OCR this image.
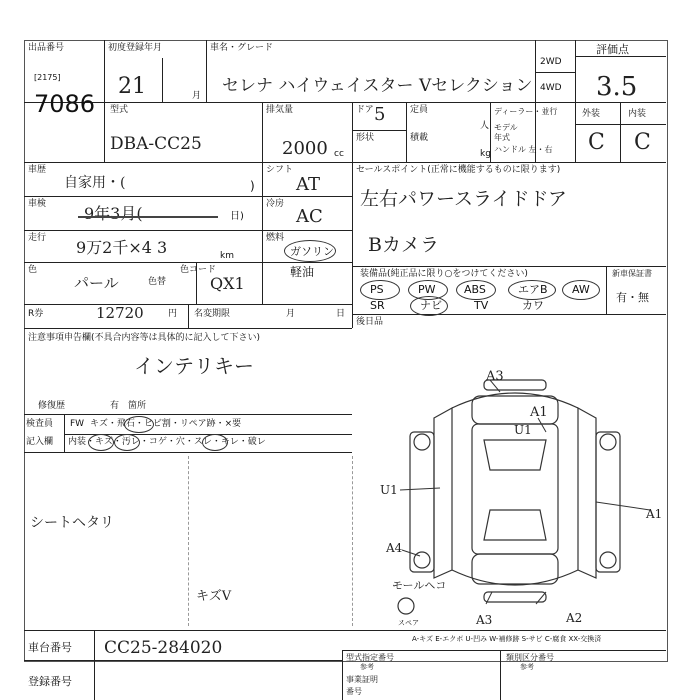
出品番号
[2175]
7086
初度登録年月
21	月
車名・グレード
セレナ ハイウェイスター Vセレクション
2WD
4WD
評価点
3.5
型式
DBA-CC25
排気量
2000 cc
ドア 5
形状
定員
人
積載
kg
ディーラー・並行
モデル
年式
ハンドル 左・右
外装	内装
C C
車歴
自家用・(	)
車検 9年3月(	日)
走行 9万2千×4 3	km
色
パール	色替
色コード
QX1
R券	12720	円 名変期限	月	日
シフト
AT
冷房
AC
燃料
ガソリン
軽油
セールスポイント(正常に機能するものに限ります)
左右パワースライドドア
Bカメラ
装備品(純正品に限り○をつけてください)	新車保証書
有・無
PS	PW	ABS	エアB AW
SR	ナビ	TV	カワ
後日品
注意事項申告欄(不具合内容等は具体的に記入して下さい)
インテリキー
修復歴	有 箇所
検査員
記入欄
FW キズ・飛石・ヒビ割・リペア跡・×要
内装・キズ・汚レ・コゲ・穴・スレ・キレ・破レ
シートヘタリ
キズV
A3
A1
U1
U1
A1
A4
A2
A3
モールヘコ
スペア
A-キズ E-エクボ U-凹み W-補修跡 S-サビ C-腐食 XX-交換済
車台番号 CC25-284020
登録番号
型式指定番号	類別区分番号
参考	参考
事業証明
番号
